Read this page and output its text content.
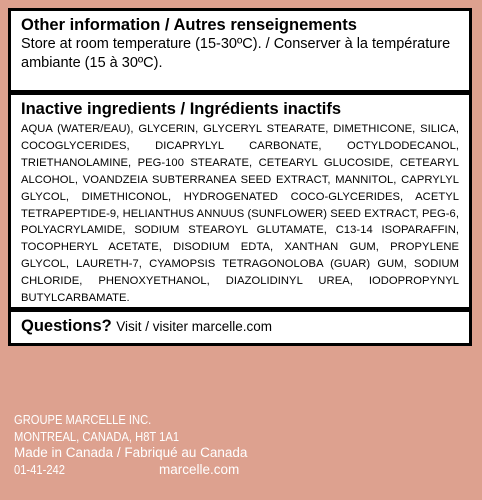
Other information / Autres renseignements
Store at room temperature (15-30ºC). / Conserver à la température ambiante (15 à 30ºC).
Inactive ingredients / Ingrédients inactifs
AQUA (WATER/EAU), GLYCERIN, GLYCERYL STEARATE, DIMETHICONE, SILICA, COCOGLYCERIDES, DICAPRYLYL CARBONATE, OCTYLDODECANOL, TRIETHANOLAMINE, PEG-100 STEARATE, CETEARYL GLUCOSIDE, CETEARYL ALCOHOL, VOANDZEIA SUBTERRANEA SEED EXTRACT, MANNITOL, CAPRYLYL GLYCOL, DIMETHICONOL, HYDROGENATED COCO-GLYCERIDES, ACETYL TETRAPEPTIDE-9, HELIANTHUS ANNUUS (SUNFLOWER) SEED EXTRACT, PEG-6, POLYACRYLAMIDE, SODIUM STEAROYL GLUTAMATE, C13-14 ISOPARAFFIN, TOCOPHERYL ACETATE, DISODIUM EDTA, XANTHAN GUM, PROPYLENE GLYCOL, LAURETH-7, CYAMOPSIS TETRAGONOLOBA (GUAR) GUM, SODIUM CHLORIDE, PHENOXYETHANOL, DIAZOLIDINYL UREA, IODOPROPYNYL BUTYLCARBAMATE.
Questions? Visit / visiter marcelle.com
GROUPE MARCELLE INC.
MONTREAL, CANADA, H8T 1A1
Made in Canada / Fabriqué au Canada
01-41-242	marcelle.com
